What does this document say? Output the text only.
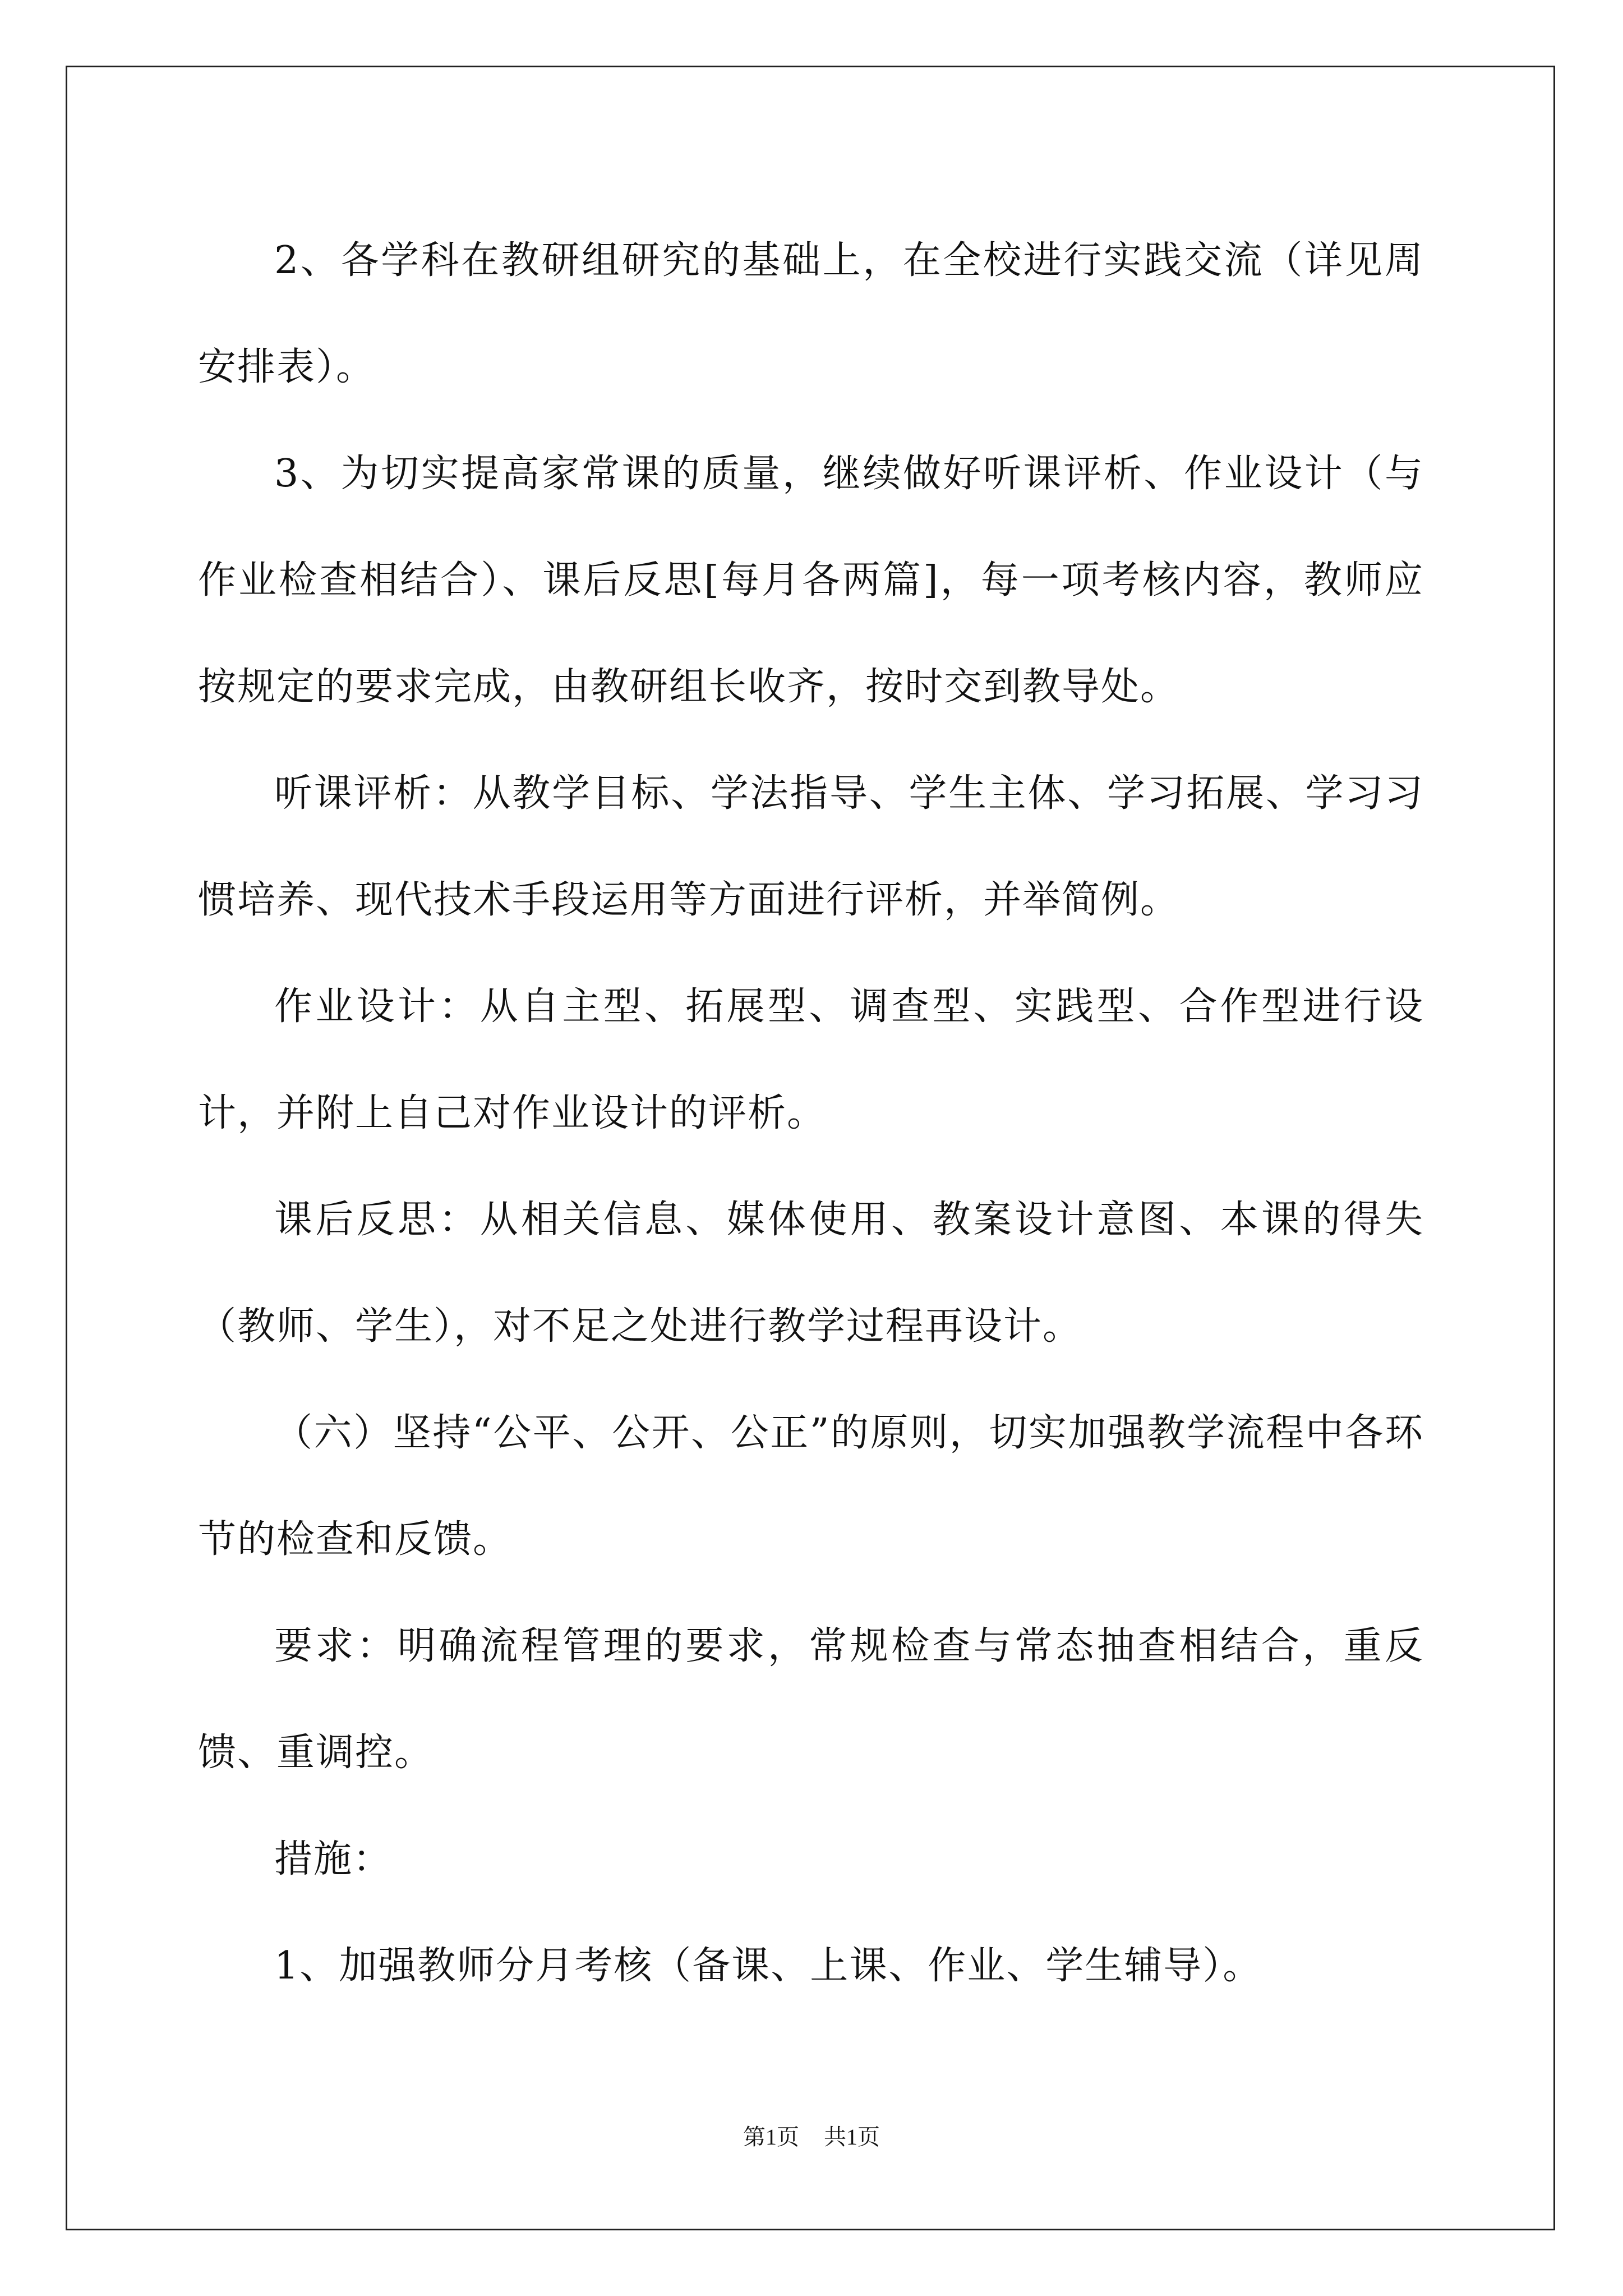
2、各学科在教研组研究的基础上，在全校进行实践交流（详见周安排表）。

3、为切实提高家常课的质量，继续做好听课评析、作业设计（与作业检查相结合）、课后反思[每月各两篇]，每一项考核内容，教师应按规定的要求完成，由教研组长收齐，按时交到教导处。

听课评析：从教学目标、学法指导、学生主体、学习拓展、学习习惯培养、现代技术手段运用等方面进行评析，并举简例。

作业设计：从自主型、拓展型、调查型、实践型、合作型进行设计，并附上自己对作业设计的评析。

课后反思：从相关信息、媒体使用、教案设计意图、本课的得失（教师、学生），对不足之处进行教学过程再设计。

（六）坚持“公平、公开、公正”的原则，切实加强教学流程中各环节的检查和反馈。

要求：明确流程管理的要求，常规检查与常态抽查相结合，重反馈、重调控。

措施：

1、加强教师分月考核（备课、上课、作业、学生辅导）。

第1页 共1页
